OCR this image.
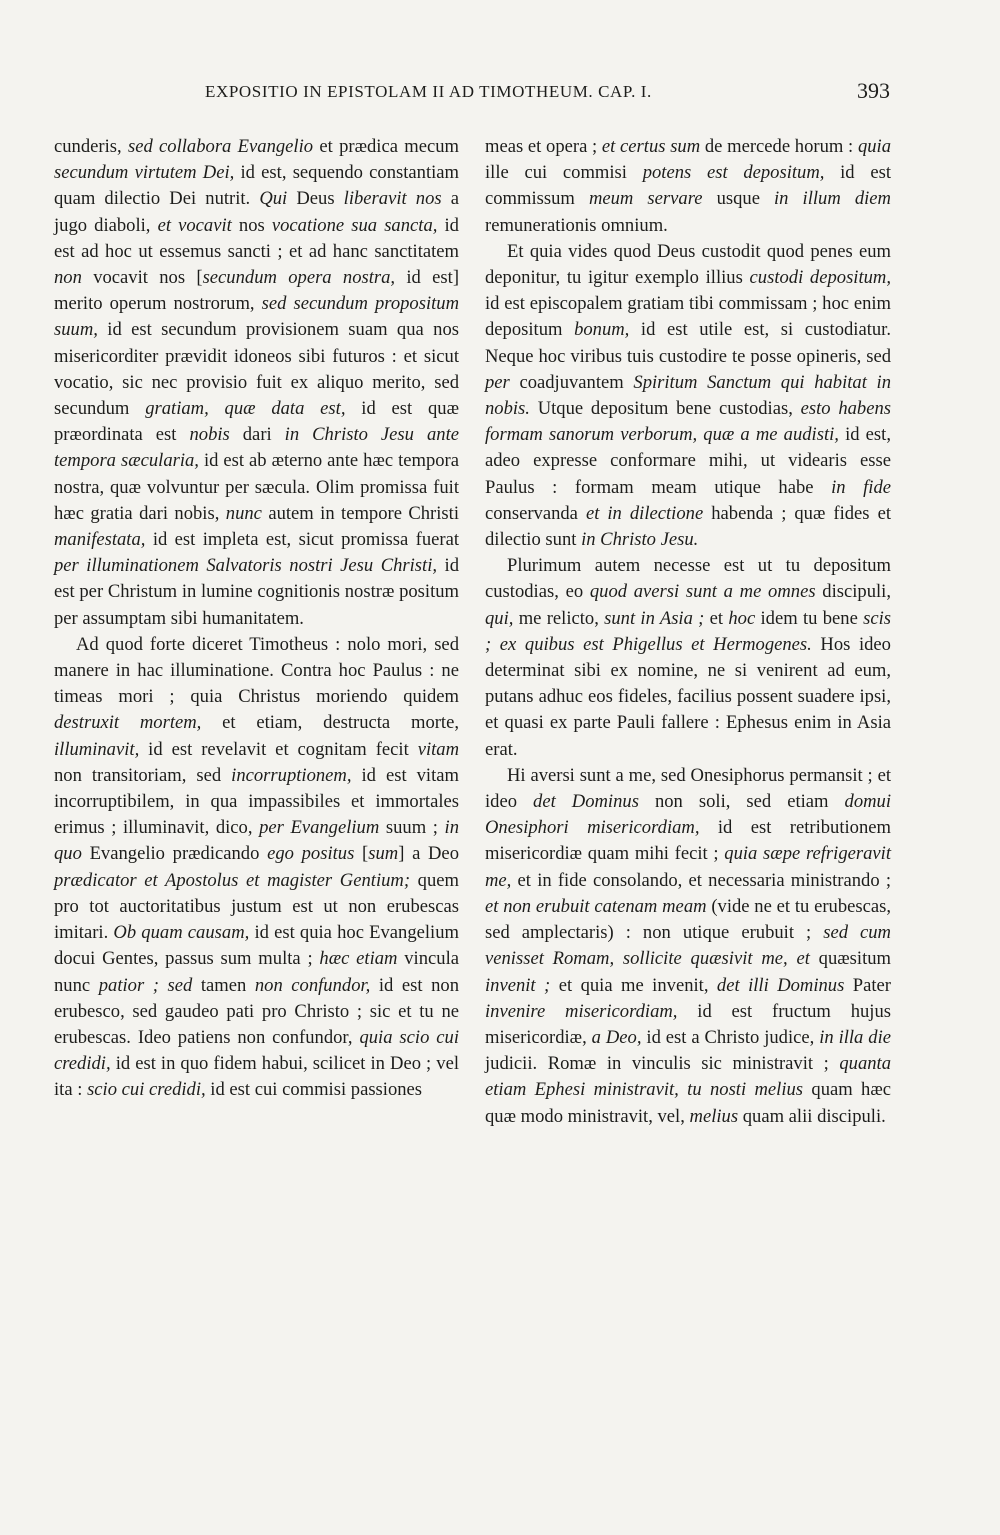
EXPOSITIO IN EPISTOLAM II AD TIMOTHEUM. CAP. I.	393

cunderis, sed collabora Evangelio et prædica mecum secundum virtutem Dei, id est, sequendo constantiam quam dilectio Dei nutrit. Qui Deus liberavit nos a jugo diaboli, et vocavit nos vocatione sua sancta, id est ad hoc ut essemus sancti ; et ad hanc sanctitatem non vocavit nos [secundum opera nostra, id est] merito operum nostrorum, sed secundum propositum suum, id est secundum provisionem suam qua nos misericorditer prævidit idoneos sibi futuros : et sicut vocatio, sic nec provisio fuit ex aliquo merito, sed secundum gratiam, quæ data est, id est quæ præordinata est nobis dari in Christo Jesu ante tempora sæcularia, id est ab æterno ante hæc tempora nostra, quæ volvuntur per sæcula. Olim promissa fuit hæc gratia dari nobis, nunc autem in tempore Christi manifestata, id est impleta est, sicut promissa fuerat per illuminationem Salvatoris nostri Jesu Christi, id est per Christum in lumine cognitionis nostræ positum per assumptam sibi humanitatem.

Ad quod forte diceret Timotheus : nolo mori, sed manere in hac illuminatione. Contra hoc Paulus : ne timeas mori ; quia Christus moriendo quidem destruxit mortem, et etiam, destructa morte, illuminavit, id est revelavit et cognitam fecit vitam non transitoriam, sed incorruptionem, id est vitam incorruptibilem, in qua impassibiles et immortales erimus ; illuminavit, dico, per Evangelium suum ; in quo Evangelio prædicando ego positus [sum] a Deo prædicator et Apostolus et magister Gentium; quem pro tot auctoritatibus justum est ut non erubescas imitari. Ob quam causam, id est quia hoc Evangelium docui Gentes, passus sum multa ; hæc etiam vincula nunc patior ; sed tamen non confundor, id est non erubesco, sed gaudeo pati pro Christo ; sic et tu ne erubescas. Ideo patiens non confundor, quia scio cui credidi, id est in quo fidem habui, scilicet in Deo ; vel ita : scio cui credidi, id est cui commisi passiones

meas et opera ; et certus sum de mercede horum : quia ille cui commisi potens est depositum, id est commissum meum servare usque in illum diem remunerationis omnium.

Et quia vides quod Deus custodit quod penes eum deponitur, tu igitur exemplo illius custodi depositum, id est episcopalem gratiam tibi commissam ; hoc enim depositum bonum, id est utile est, si custodiatur. Neque hoc viribus tuis custodire te posse opineris, sed per coadjuvantem Spiritum Sanctum qui habitat in nobis. Utque depositum bene custodias, esto habens formam sanorum verborum, quæ a me audisti, id est, adeo expresse conformare mihi, ut videaris esse Paulus : formam meam utique habe in fide conservanda et in dilectione habenda ; quæ fides et dilectio sunt in Christo Jesu.

Plurimum autem necesse est ut tu depositum custodias, eo quod aversi sunt a me omnes discipuli, qui, me relicto, sunt in Asia ; et hoc idem tu bene scis ; ex quibus est Phigellus et Hermogenes. Hos ideo determinat sibi ex nomine, ne si venirent ad eum, putans adhuc eos fideles, facilius possent suadere ipsi, et quasi ex parte Pauli fallere : Ephesus enim in Asia erat.

Hi aversi sunt a me, sed Onesiphorus permansit ; et ideo det Dominus non soli, sed etiam domui Onesiphori misericordiam, id est retributionem misericordiæ quam mihi fecit ; quia sæpe refrigeravit me, et in fide consolando, et necessaria ministrando ; et non erubuit catenam meam (vide ne et tu erubescas, sed amplectaris) : non utique erubuit ; sed cum venisset Romam, sollicite quæsivit me, et quæsitum invenit ; et quia me invenit, det illi Dominus Pater invenire misericordiam, id est fructum hujus misericordiæ, a Deo, id est a Christo judice, in illa die judicii. Romæ in vinculis sic ministravit ; quanta etiam Ephesi ministravit, tu nosti melius quam hæc quæ modo ministravit, vel, melius quam alii discipuli.
